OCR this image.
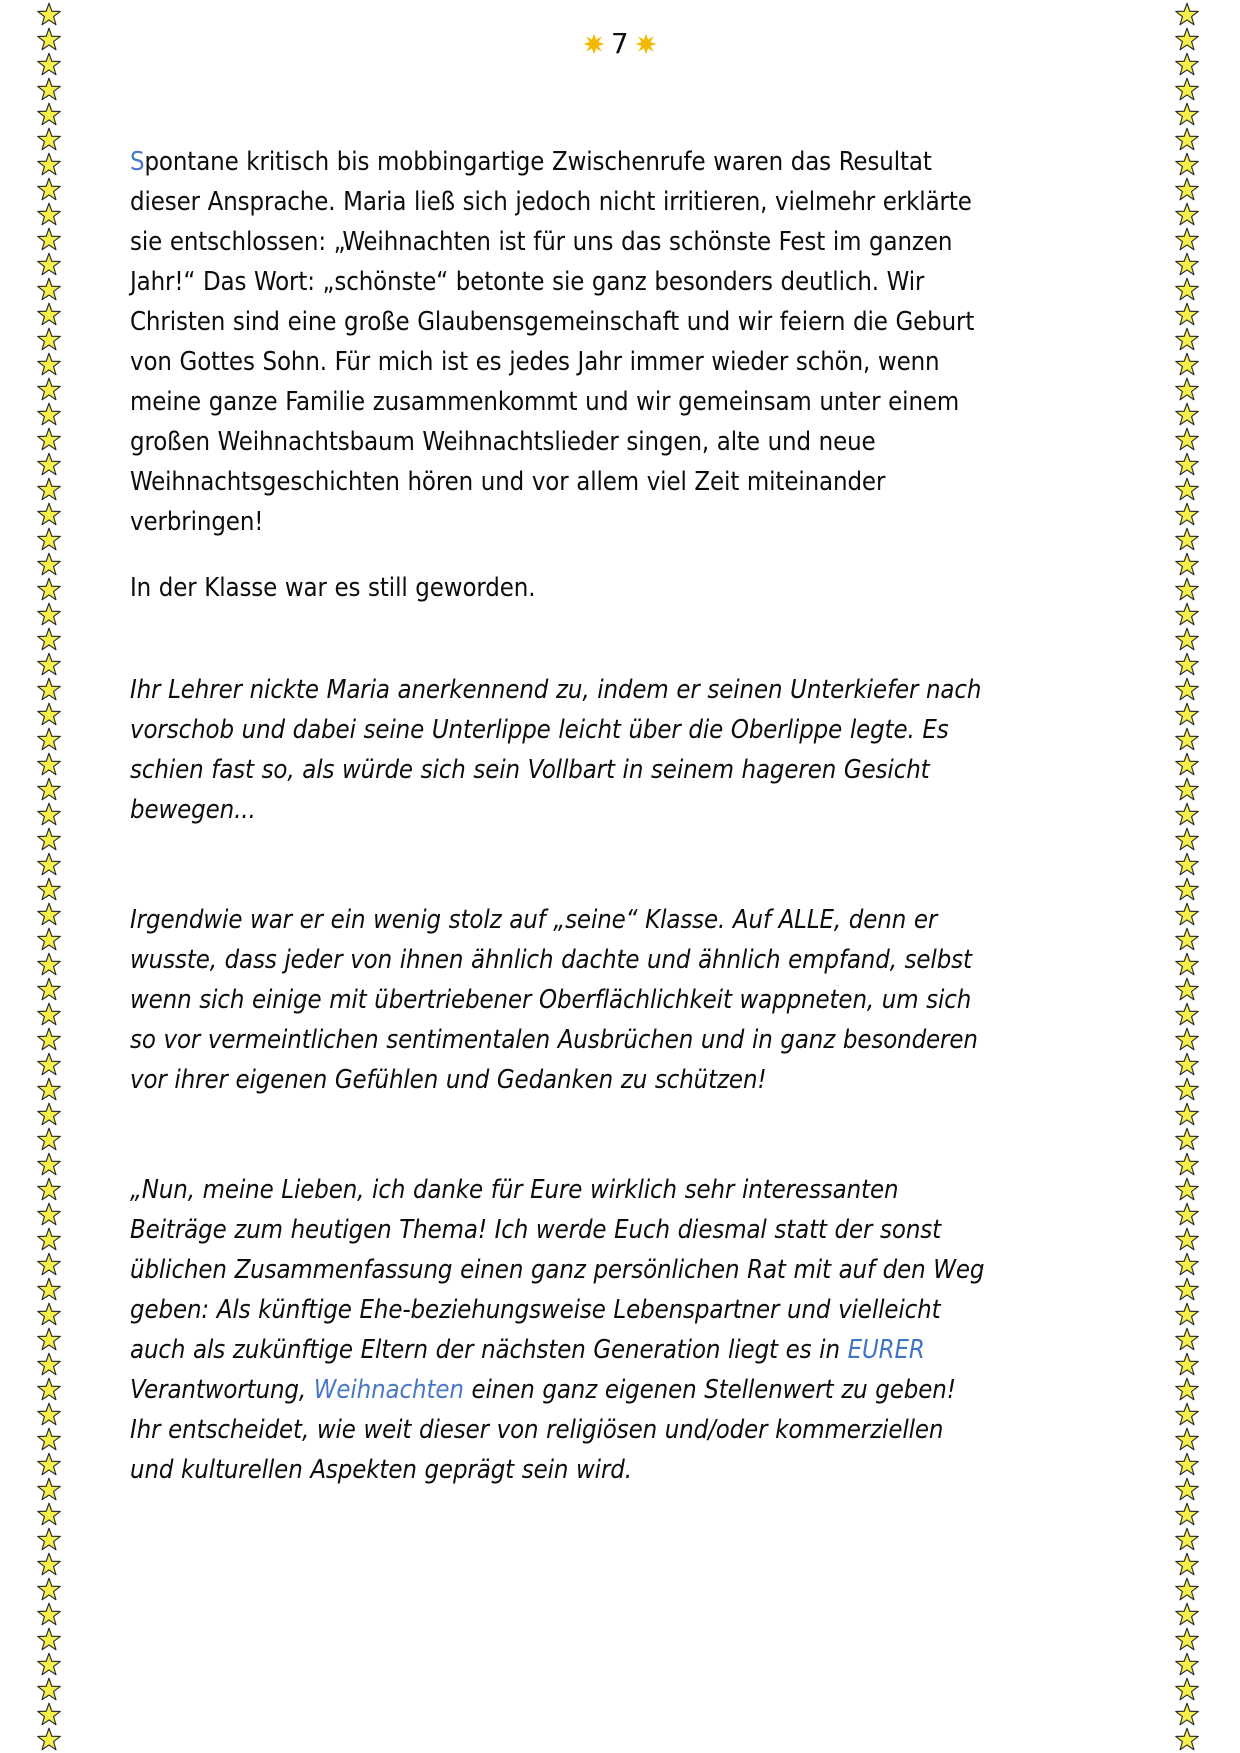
7

Spontane kritisch bis mobbingartige Zwischenrufe waren das Resultat dieser Ansprache. Maria ließ sich jedoch nicht irritieren, vielmehr erklärte sie entschlossen: „Weihnachten ist für uns das schönste Fest im ganzen Jahr!“ Das Wort: „schönste“ betonte sie ganz besonders deutlich. Wir Christen sind eine große Glaubensgemeinschaft und wir feiern die Geburt von Gottes Sohn. Für mich ist es jedes Jahr immer wieder schön, wenn meine ganze Familie zusammenkommt und wir gemeinsam unter einem großen Weihnachtsbaum Weihnachtslieder singen, alte und neue Weihnachtsgeschichten hören und vor allem viel Zeit miteinander verbringen!

In der Klasse war es still geworden.

Ihr Lehrer nickte Maria anerkennend zu, indem er seinen Unterkiefer nach vorschob und dabei seine Unterlippe leicht über die Oberlippe legte. Es schien fast so, als würde sich sein Vollbart in seinem hageren Gesicht bewegen...

Irgendwie war er ein wenig stolz auf „seine“ Klasse. Auf ALLE, denn er wusste, dass jeder von ihnen ähnlich dachte und ähnlich empfand, selbst wenn sich einige mit übertriebener Oberflächlichkeit wappneten, um sich so vor vermeintlichen sentimentalen Ausbrüchen und in ganz besonderen vor ihrer eigenen Gefühlen und Gedanken zu schützen!

„Nun, meine Lieben, ich danke für Eure wirklich sehr interessanten Beiträge zum heutigen Thema! Ich werde Euch diesmal statt der sonst üblichen Zusammenfassung einen ganz persönlichen Rat mit auf den Weg geben: Als künftige Ehe-beziehungsweise Lebenspartner und vielleicht auch als zukünftige Eltern der nächsten Generation liegt es in EURER Verantwortung, Weihnachten einen ganz eigenen Stellenwert zu geben! Ihr entscheidet, wie weit dieser von religiösen und/oder kommerziellen und kulturellen Aspekten geprägt sein wird.
